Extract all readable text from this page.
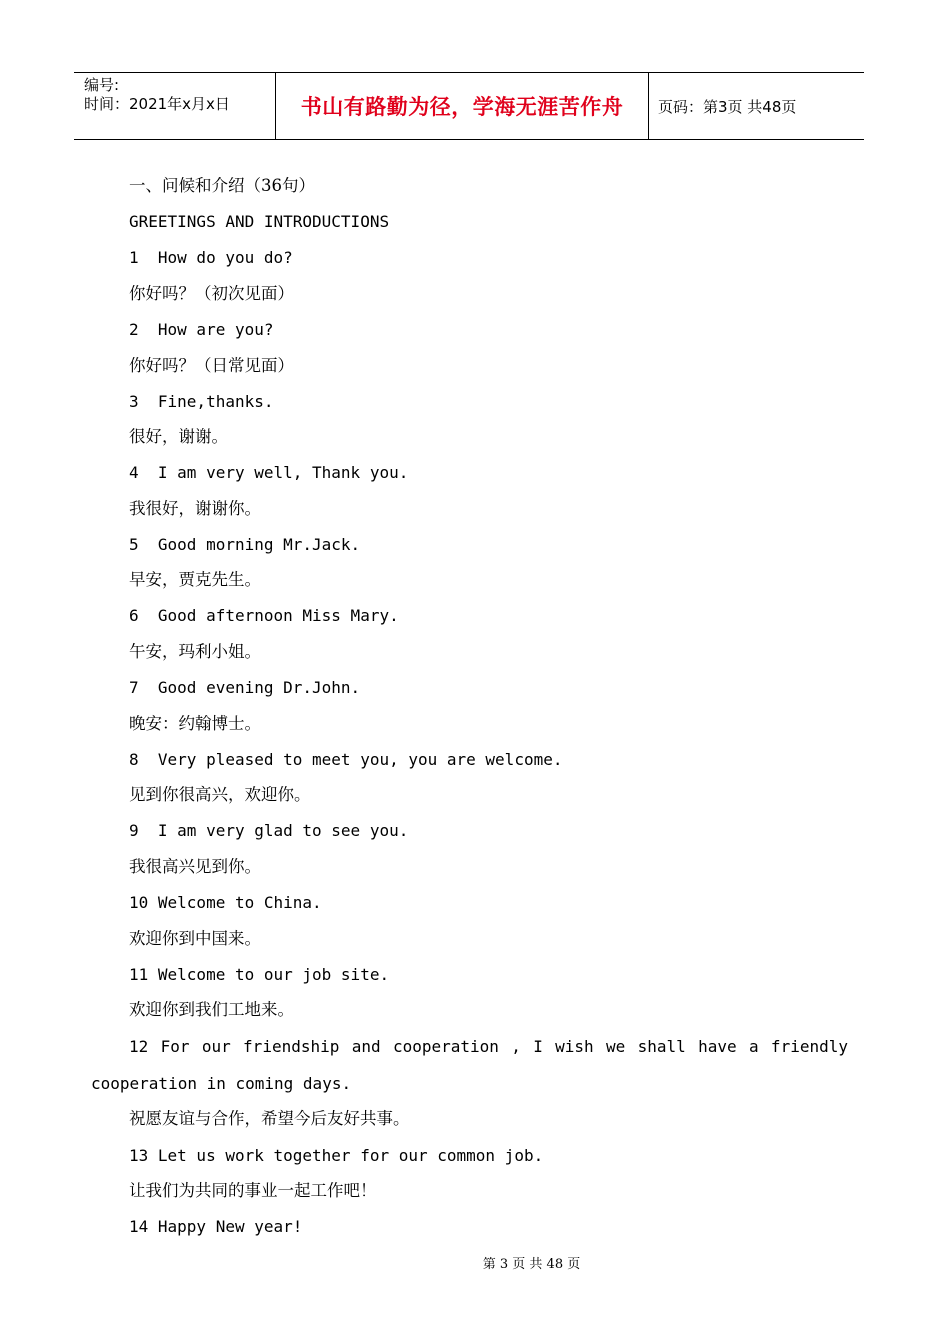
编号:
时间：2021年x月x日	书山有路勤为径，学海无涯苦作舟	页码：第3页 共48页
一、问候和介绍（36句）
GREETINGS AND INTRODUCTIONS
1  How do you do?
你好吗？（初次见面）
2  How are you?
你好吗？（日常见面）
3  Fine,thanks.
很好，谢谢。
4  I am very well, Thank you.
我很好，谢谢你。
5  Good morning Mr.Jack.
早安，贾克先生。
6  Good afternoon Miss Mary.
午安，玛利小姐。
7  Good evening Dr.John.
晚安：约翰博士。
8  Very pleased to meet you, you are welcome.
见到你很高兴，欢迎你。
9  I am very glad to see you.
我很高兴见到你。
10 Welcome to China.
欢迎你到中国来。
11 Welcome to our job site.
欢迎你到我们工地来。
12 For our friendship and cooperation , I wish we shall have a friendly
cooperation in coming days.
祝愿友谊与合作，希望今后友好共事。
13 Let us work together for our common job.
让我们为共同的事业一起工作吧！
14 Happy New year!
第 3 页 共 48 页
